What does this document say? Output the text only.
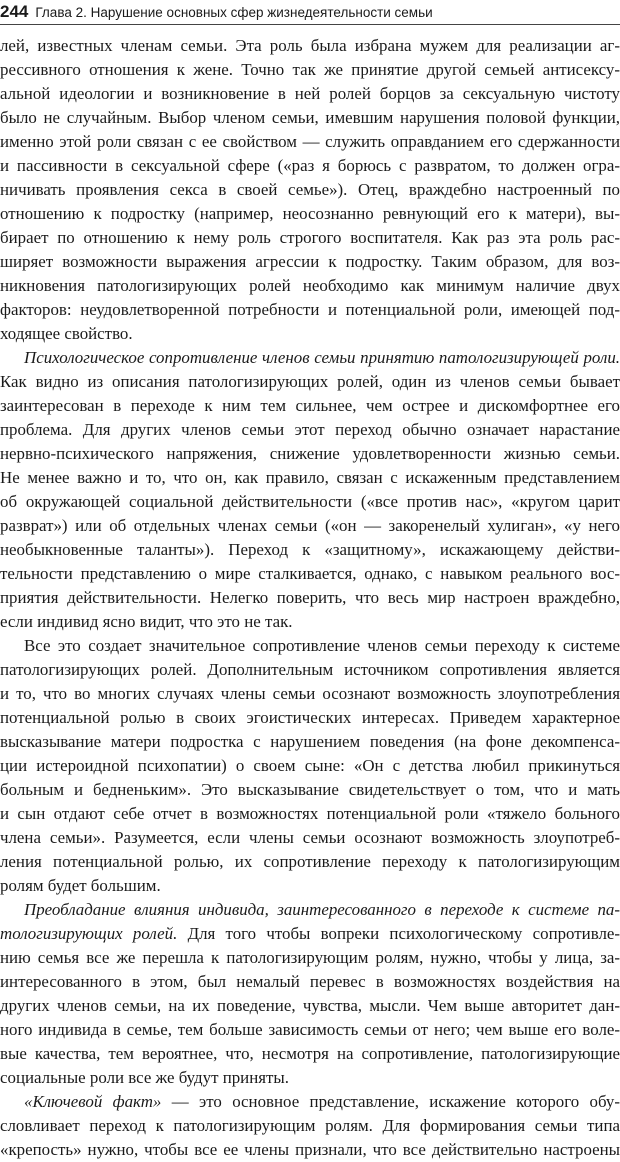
244 Глава 2. Нарушение основных сфер жизнедеятельности семьи
лей, известных членам семьи. Эта роль была избрана мужем для реализации аг-
рессивного отношения к жене. Точно так же принятие другой семьей антисексу-
альной идеологии и возникновение в ней ролей борцов за сексуальную чистоту
было не случайным. Выбор членом семьи, имевшим нарушения половой функции,
именно этой роли связан с ее свойством — служить оправданием его сдержанности
и пассивности в сексуальной сфере («раз я борюсь с развратом, то должен огра-
ничивать проявления секса в своей семье»). Отец, враждебно настроенный по
отношению к подростку (например, неосознанно ревнующий его к матери), вы-
бирает по отношению к нему роль строгого воспитателя. Как раз эта роль рас-
ширяет возможности выражения агрессии к подростку. Таким образом, для воз-
никновения патологизирующих ролей необходимо как минимум наличие двух
факторов: неудовлетворенной потребности и потенциальной роли, имеющей под-
ходящее свойство.
Психологическое сопротивление членов семьи принятию патологизирующей роли.
Как видно из описания патологизирующих ролей, один из членов семьи бывает
заинтересован в переходе к ним тем сильнее, чем острее и дискомфортнее его
проблема. Для других членов семьи этот переход обычно означает нарастание
нервно-психического напряжения, снижение удовлетворенности жизнью семьи.
Не менее важно и то, что он, как правило, связан с искаженным представлением
об окружающей социальной действительности («все против нас», «кругом царит
разврат») или об отдельных членах семьи («он — закоренелый хулиган», «у него
необыкновенные таланты»). Переход к «защитному», искажающему действи-
тельности представлению о мире сталкивается, однако, с навыком реального вос-
приятия действительности. Нелегко поверить, что весь мир настроен враждебно,
если индивид ясно видит, что это не так.
Все это создает значительное сопротивление членов семьи переходу к системе
патологизирующих ролей. Дополнительным источником сопротивления является
и то, что во многих случаях члены семьи осознают возможность злоупотребления
потенциальной ролью в своих эгоистических интересах. Приведем характерное
высказывание матери подростка с нарушением поведения (на фоне декомпенса-
ции истероидной психопатии) о своем сыне: «Он с детства любил прикинуться
больным и бедненьким». Это высказывание свидетельствует о том, что и мать
и сын отдают себе отчет в возможностях потенциальной роли «тяжело больного
члена семьи». Разумеется, если члены семьи осознают возможность злоупотреб-
ления потенциальной ролью, их сопротивление переходу к патологизирующим
ролям будет большим.
Преобладание влияния индивида, заинтересованного в переходе к системе па-
тологизирующих ролей. Для того чтобы вопреки психологическому сопротивле-
нию семья все же перешла к патологизирующим ролям, нужно, чтобы у лица, за-
интересованного в этом, был немалый перевес в возможностях воздействия на
других членов семьи, на их поведение, чувства, мысли. Чем выше авторитет дан-
ного индивида в семье, тем больше зависимость семьи от него; чем выше его воле-
вые качества, тем вероятнее, что, несмотря на сопротивление, патологизирующие
социальные роли все же будут приняты.
«Ключевой факт» — это основное представление, искажение которого обу-
словливает переход к патологизирующим ролям. Для формирования семьи типа
«крепость» нужно, чтобы все ее члены признали, что все действительно настроены
